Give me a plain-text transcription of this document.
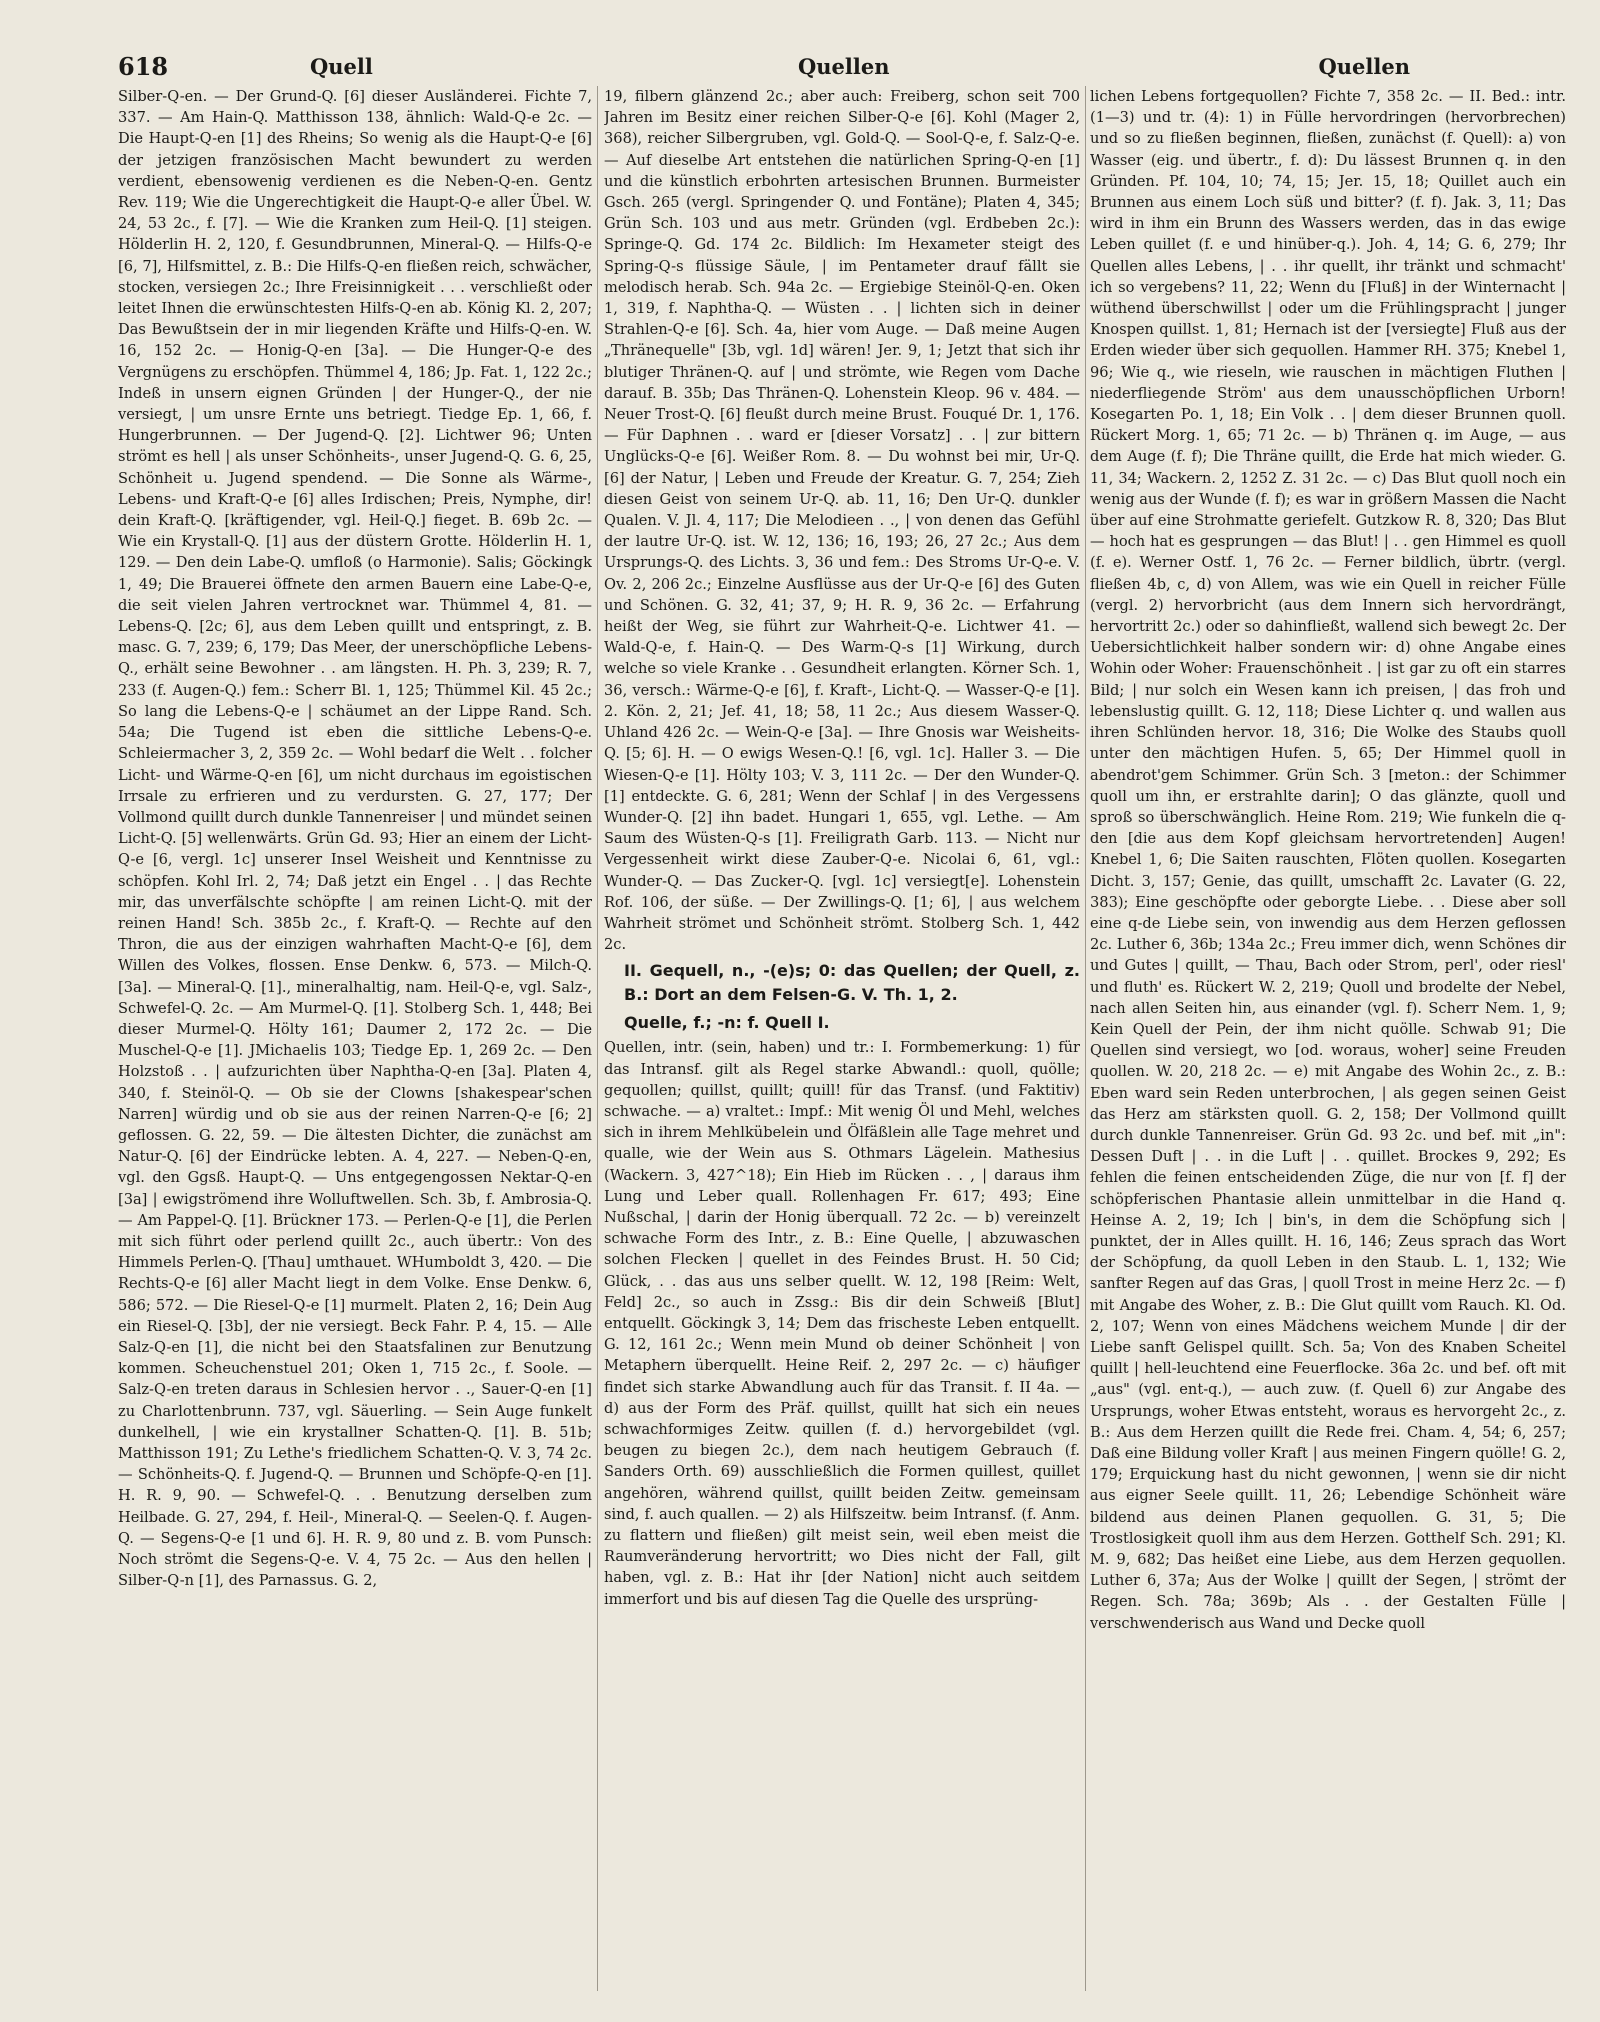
618	Quell	Quellen	Quellen

Silber-Q-en. — Der Grund-Q. [6] dieser Ausländerei. Fichte 7, 337. — Am Hain-Q. Matthisson 138, ähnlich: Wald-Q-e 2c. — Die Haupt-Q-en [1] des Rheins; So wenig als die Haupt-Q-e [6] der jetzigen französischen Macht bewundert zu werden verdient, ebensowenig verdienen es die Neben-Q-en. Gentz Rev. 119; Wie die Ungerechtigkeit die Haupt-Q-e aller Übel. W. 24, 53 2c., f. [7]. — Wie die Kranken zum Heil-Q. [1] steigen. Hölderlin H. 2, 120, f. Gesundbrunnen, Mineral-Q. — Hilfs-Q-e [6, 7], Hilfsmittel, z. B.: Die Hilfs-Q-en fließen reich, schwächer, stocken, versiegen 2c.; Ihre Freisinnigkeit . . . verschließt oder leitet Ihnen die erwünschtesten Hilfs-Q-en ab. König Kl. 2, 207; Das Bewußtsein der in mir liegenden Kräfte und Hilfs-Q-en. W. 16, 152 2c. — Honig-Q-en [3a]. — Die Hunger-Q-e des Vergnügens zu erschöpfen. Thümmel 4, 186; Jp. Fat. 1, 122 2c.; Indeß in unsern eignen Gründen | der Hunger-Q., der nie versiegt, | um unsre Ernte uns betriegt. Tiedge Ep. 1, 66, f. Hungerbrunnen. — Der Jugend-Q. [2]. Lichtwer 96; Unten strömt es hell | als unser Schönheits-, unser Jugend-Q. G. 6, 25, Schönheit u. Jugend spendend. — Die Sonne als Wärme-, Lebens- und Kraft-Q-e [6] alles Irdischen; Preis, Nymphe, dir! dein Kraft-Q. [kräftigender, vgl. Heil-Q.] fieget. B. 69b 2c. — Wie ein Krystall-Q. [1] aus der düstern Grotte. Hölderlin H. 1, 129. — Den dein Labe-Q. umfloß (o Harmonie). Salis; Göckingk 1, 49; Die Brauerei öffnete den armen Bauern eine Labe-Q-e, die seit vielen Jahren vertrocknet war. Thümmel 4, 81. — Lebens-Q. [2c; 6], aus dem Leben quillt und entspringt, z. B. masc. G. 7, 239; 6, 179; Das Meer, der unerschöpfliche Lebens-Q., erhält seine Bewohner . . am längsten. H. Ph. 3, 239; R. 7, 233 (f. Augen-Q.) fem.: Scherr Bl. 1, 125; Thümmel Kil. 45 2c.; So lang die Lebens-Q-e | schäumet an der Lippe Rand. Sch. 54a; Die Tugend ist eben die sittliche Lebens-Q-e. Schleiermacher 3, 2, 359 2c. — Wohl bedarf die Welt . . folcher Licht- und Wärme-Q-en [6], um nicht durchaus im egoistischen Irrsale zu erfrieren und zu verdursten. G. 27, 177; Der Vollmond quillt durch dunkle Tannenreiser | und mündet seinen Licht-Q. [5] wellenwärts. Grün Gd. 93; Hier an einem der Licht-Q-e [6, vergl. 1c] unserer Insel Weisheit und Kenntnisse zu schöpfen. Kohl Irl. 2, 74; Daß jetzt ein Engel . . | das Rechte mir, das unverfälschte schöpfte | am reinen Licht-Q. mit der reinen Hand! Sch. 385b 2c., f. Kraft-Q. — Rechte auf den Thron, die aus der einzigen wahrhaften Macht-Q-e [6], dem Willen des Volkes, flossen. Ense Denkw. 6, 573. — Milch-Q. [3a]. — Mineral-Q. [1]., mineralhaltig, nam. Heil-Q-e, vgl. Salz-, Schwefel-Q. 2c. — Am Murmel-Q. [1]. Stolberg Sch. 1, 448; Bei dieser Murmel-Q. Hölty 161; Daumer 2, 172 2c. — Die Muschel-Q-e [1]. JMichaelis 103; Tiedge Ep. 1, 269 2c. — Den Holzstoß . . | aufzurichten über Naphtha-Q-en [3a]. Platen 4, 340, f. Steinöl-Q. — Ob sie der Clowns [shakespear'schen Narren] würdig und ob sie aus der reinen Narren-Q-e [6; 2] geflossen. G. 22, 59. — Die ältesten Dichter, die zunächst am Natur-Q. [6] der Eindrücke lebten. A. 4, 227. — Neben-Q-en, vgl. den Ggsß. Haupt-Q. — Uns entgegengossen Nektar-Q-en [3a] | ewigströmend ihre Wolluftwellen. Sch. 3b, f. Ambrosia-Q. — Am Pappel-Q. [1]. Brückner 173. — Perlen-Q-e [1], die Perlen mit sich führt oder perlend quillt 2c., auch übertr.: Von des Himmels Perlen-Q. [Thau] umthauet. WHumboldt 3, 420. — Die Rechts-Q-e [6] aller Macht liegt in dem Volke. Ense Denkw. 6, 586; 572. — Die Riesel-Q-e [1] murmelt. Platen 2, 16; Dein Aug ein Riesel-Q. [3b], der nie versiegt. Beck Fahr. P. 4, 15. — Alle Salz-Q-en [1], die nicht bei den Staatsfalinen zur Benutzung kommen. Scheuchenstuel 201; Oken 1, 715 2c., f. Soole. — Salz-Q-en treten daraus in Schlesien hervor . ., Sauer-Q-en [1] zu Charlottenbrunn. 737, vgl. Säuerling. — Sein Auge funkelt dunkelhell, | wie ein krystallner Schatten-Q. [1]. B. 51b; Matthisson 191; Zu Lethe's friedlichem Schatten-Q. V. 3, 74 2c. — Schönheits-Q. f. Jugend-Q. — Brunnen und Schöpfe-Q-en [1]. H. R. 9, 90. — Schwefel-Q. . . Benutzung derselben zum Heilbade. G. 27, 294, f. Heil-, Mineral-Q. — Seelen-Q. f. Augen-Q. — Segens-Q-e [1 und 6]. H. R. 9, 80 und z. B. vom Punsch: Noch strömt die Segens-Q-e. V. 4, 75 2c. — Aus den hellen | Silber-Q-n [1], des Parnassus. G. 2,

19, filbern glänzend 2c.; aber auch: Freiberg, schon seit 700 Jahren im Besitz einer reichen Silber-Q-e [6]. Kohl (Mager 2, 368), reicher Silbergruben, vgl. Gold-Q. — Sool-Q-e, f. Salz-Q-e. — Auf dieselbe Art entstehen die natürlichen Spring-Q-en [1] und die künstlich erbohrten artesischen Brunnen. Burmeister Gsch. 265 (vergl. Springender Q. und Fontäne); Platen 4, 345; Grün Sch. 103 und aus metr. Gründen (vgl. Erdbeben 2c.): Springe-Q. Gd. 174 2c. Bildlich: Im Hexameter steigt des Spring-Q-s flüssige Säule, | im Pentameter drauf fällt sie melodisch herab. Sch. 94a 2c. — Ergiebige Steinöl-Q-en. Oken 1, 319, f. Naphtha-Q. — Wüsten . . | lichten sich in deiner Strahlen-Q-e [6]. Sch. 4a, hier vom Auge. — Daß meine Augen „Thränequelle" [3b, vgl. 1d] wären! Jer. 9, 1; Jetzt that sich ihr blutiger Thränen-Q. auf | und strömte, wie Regen vom Dache darauf. B. 35b; Das Thränen-Q. Lohenstein Kleop. 96 v. 484. — Neuer Trost-Q. [6] fleußt durch meine Brust. Fouqué Dr. 1, 176. — Für Daphnen . . ward er [dieser Vorsatz] . . | zur bittern Unglücks-Q-e [6]. Weißer Rom. 8. — Du wohnst bei mir, Ur-Q. [6] der Natur, | Leben und Freude der Kreatur. G. 7, 254; Zieh diesen Geist von seinem Ur-Q. ab. 11, 16; Den Ur-Q. dunkler Qualen. V. Jl. 4, 117; Die Melodieen . ., | von denen das Gefühl der lautre Ur-Q. ist. W. 12, 136; 16, 193; 26, 27 2c.; Aus dem Ursprungs-Q. des Lichts. 3, 36 und fem.: Des Stroms Ur-Q-e. V. Ov. 2, 206 2c.; Einzelne Ausflüsse aus der Ur-Q-e [6] des Guten und Schönen. G. 32, 41; 37, 9; H. R. 9, 36 2c. — Erfahrung heißt der Weg, sie führt zur Wahrheit-Q-e. Lichtwer 41. — Wald-Q-e, f. Hain-Q. — Des Warm-Q-s [1] Wirkung, durch welche so viele Kranke . . Gesundheit erlangten. Körner Sch. 1, 36, versch.: Wärme-Q-e [6], f. Kraft-, Licht-Q. — Wasser-Q-e [1]. 2. Kön. 2, 21; Jef. 41, 18; 58, 11 2c.; Aus diesem Wasser-Q. Uhland 426 2c. — Wein-Q-e [3a]. — Ihre Gnosis war Weisheits-Q. [5; 6]. H. — O ewigs Wesen-Q.! [6, vgl. 1c]. Haller 3. — Die Wiesen-Q-e [1]. Hölty 103; V. 3, 111 2c. — Der den Wunder-Q. [1] entdeckte. G. 6, 281; Wenn der Schlaf | in des Vergessens Wunder-Q. [2] ihn badet. Hungari 1, 655, vgl. Lethe. — Am Saum des Wüsten-Q-s [1]. Freiligrath Garb. 113. — Nicht nur Vergessenheit wirkt diese Zauber-Q-e. Nicolai 6, 61, vgl.: Wunder-Q. — Das Zucker-Q. [vgl. 1c] versiegt[e]. Lohenstein Rof. 106, der süße. — Der Zwillings-Q. [1; 6], | aus welchem Wahrheit strömet und Schönheit strömt. Stolberg Sch. 1, 442 2c.

II. Gequell, n., -(e)s; 0: das Quellen; der Quell, z. B.: Dort an dem Felsen-G. V. Th. 1, 2.
Quelle, f.; -n: f. Quell I.

Quellen, intr. (sein, haben) und tr.: I. Formbemerkung: 1) für das Intransf. gilt als Regel starke Abwandl.: quoll, quölle; gequollen; quillst, quillt; quill! für das Transf. (und Faktitiv) schwache. — a) vraltet.: Impf.: Mit wenig Öl und Mehl, welches sich in ihrem Mehlkübelein und Ölfäßlein alle Tage mehret und qualle, wie der Wein aus S. Othmars Lägelein. Mathesius (Wackern. 3, 427^18); Ein Hieb im Rücken . . , | daraus ihm Lung und Leber quall. Rollenhagen Fr. 617; 493; Eine Nußschal, | darin der Honig überquall. 72 2c. — b) vereinzelt schwache Form des Intr., z. B.: Eine Quelle, | abzuwaschen solchen Flecken | quellet in des Feindes Brust. H. 50 Cid; Glück, . . das aus uns selber quellt. W. 12, 198 [Reim: Welt, Feld] 2c., so auch in Zssg.: Bis dir dein Schweiß [Blut] entquellt. Göckingk 3, 14; Dem das frischeste Leben entquellt. G. 12, 161 2c.; Wenn mein Mund ob deiner Schönheit | von Metaphern überquellt. Heine Reif. 2, 297 2c. — c) häufiger findet sich starke Abwandlung auch für das Transit. f. II 4a. — d) aus der Form des Präf. quillst, quillt hat sich ein neues schwachformiges Zeitw. quillen (f. d.) hervorgebildet (vgl. beugen zu biegen 2c.), dem nach heutigem Gebrauch (f. Sanders Orth. 69) ausschließlich die Formen quillest, quillet angehören, während quillst, quillt beiden Zeitw. gemeinsam sind, f. auch quallen. — 2) als Hilfszeitw. beim Intransf. (f. Anm. zu flattern und fließen) gilt meist sein, weil eben meist die Raumveränderung hervortritt; wo Dies nicht der Fall, gilt haben, vgl. z. B.: Hat ihr [der Nation] nicht auch seitdem immerfort und bis auf diesen Tag die Quelle des ursprüng-

lichen Lebens fortgequollen? Fichte 7, 358 2c. — II. Bed.: intr. (1—3) und tr. (4): 1) in Fülle hervordringen (hervorbrechen) und so zu fließen beginnen, fließen, zunächst (f. Quell): a) von Wasser (eig. und übertr., f. d): Du lässest Brunnen q. in den Gründen. Pf. 104, 10; 74, 15; Jer. 15, 18; Quillet auch ein Brunnen aus einem Loch süß und bitter? (f. f). Jak. 3, 11; Das wird in ihm ein Brunn des Wassers werden, das in das ewige Leben quillet (f. e und hinüber-q.). Joh. 4, 14; G. 6, 279; Ihr Quellen alles Lebens, | . . ihr quellt, ihr tränkt und schmacht' ich so vergebens? 11, 22; Wenn du [Fluß] in der Winternacht | wüthend überschwillst | oder um die Frühlingspracht | junger Knospen quillst. 1, 81; Hernach ist der [versiegte] Fluß aus der Erden wieder über sich gequollen. Hammer RH. 375; Knebel 1, 96; Wie q., wie rieseln, wie rauschen in mächtigen Fluthen | niederfliegende Ström' aus dem unausschöpflichen Urborn! Kosegarten Po. 1, 18; Ein Volk . . | dem dieser Brunnen quoll. Rückert Morg. 1, 65; 71 2c. — b) Thränen q. im Auge, — aus dem Auge (f. f); Die Thräne quillt, die Erde hat mich wieder. G. 11, 34; Wackern. 2, 1252 Z. 31 2c. — c) Das Blut quoll noch ein wenig aus der Wunde (f. f); es war in größern Massen die Nacht über auf eine Strohmatte geriefelt. Gutzkow R. 8, 320; Das Blut — hoch hat es gesprungen — das Blut! | . . gen Himmel es quoll (f. e). Werner Ostf. 1, 76 2c. — Ferner bildlich, übrtr. (vergl. fließen 4b, c, d) von Allem, was wie ein Quell in reicher Fülle (vergl. 2) hervorbricht (aus dem Innern sich hervordrängt, hervortritt 2c.) oder so dahinfließt, wallend sich bewegt 2c. Der Uebersichtlichkeit halber sondern wir: d) ohne Angabe eines Wohin oder Woher: Frauenschönheit . | ist gar zu oft ein starres Bild; | nur solch ein Wesen kann ich preisen, | das froh und lebenslustig quillt. G. 12, 118; Diese Lichter q. und wallen aus ihren Schlünden hervor. 18, 316; Die Wolke des Staubs quoll unter den mächtigen Hufen. 5, 65; Der Himmel quoll in abendrot'gem Schimmer. Grün Sch. 3 [meton.: der Schimmer quoll um ihn, er erstrahlte darin]; O das glänzte, quoll und sproß so überschwänglich. Heine Rom. 219; Wie funkeln die q-den [die aus dem Kopf gleichsam hervortretenden] Augen! Knebel 1, 6; Die Saiten rauschten, Flöten quollen. Kosegarten Dicht. 3, 157; Genie, das quillt, umschafft 2c. Lavater (G. 22, 383); Eine geschöpfte oder geborgte Liebe. . . Diese aber soll eine q-de Liebe sein, von inwendig aus dem Herzen geflossen 2c. Luther 6, 36b; 134a 2c.; Freu immer dich, wenn Schönes dir und Gutes | quillt, — Thau, Bach oder Strom, perl', oder riesl' und fluth' es. Rückert W. 2, 219; Quoll und brodelte der Nebel, nach allen Seiten hin, aus einander (vgl. f). Scherr Nem. 1, 9; Kein Quell der Pein, der ihm nicht quölle. Schwab 91; Die Quellen sind versiegt, wo [od. woraus, woher] seine Freuden quollen. W. 20, 218 2c. — e) mit Angabe des Wohin 2c., z. B.: Eben ward sein Reden unterbrochen, | als gegen seinen Geist das Herz am stärksten quoll. G. 2, 158; Der Vollmond quillt durch dunkle Tannenreiser. Grün Gd. 93 2c. und bef. mit „in": Dessen Duft | . . in die Luft | . . quillet. Brockes 9, 292; Es fehlen die feinen entscheidenden Züge, die nur von [f. f] der schöpferischen Phantasie allein unmittelbar in die Hand q. Heinse A. 2, 19; Ich | bin's, in dem die Schöpfung sich | punktet, der in Alles quillt. H. 16, 146; Zeus sprach das Wort der Schöpfung, da quoll Leben in den Staub. L. 1, 132; Wie sanfter Regen auf das Gras, | quoll Trost in meine Herz 2c. — f) mit Angabe des Woher, z. B.: Die Glut quillt vom Rauch. Kl. Od. 2, 107; Wenn von eines Mädchens weichem Munde | dir der Liebe sanft Gelispel quillt. Sch. 5a; Von des Knaben Scheitel quillt | hell-leuchtend eine Feuerflocke. 36a 2c. und bef. oft mit „aus" (vgl. ent-q.), — auch zuw. (f. Quell 6) zur Angabe des Ursprungs, woher Etwas entsteht, woraus es hervorgeht 2c., z. B.: Aus dem Herzen quillt die Rede frei. Cham. 4, 54; 6, 257; Daß eine Bildung voller Kraft | aus meinen Fingern quölle! G. 2, 179; Erquickung hast du nicht gewonnen, | wenn sie dir nicht aus eigner Seele quillt. 11, 26; Lebendige Schönheit wäre bildend aus deinen Planen gequollen. G. 31, 5; Die Trostlosigkeit quoll ihm aus dem Herzen. Gotthelf Sch. 291; Kl. M. 9, 682; Das heißet eine Liebe, aus dem Herzen gequollen. Luther 6, 37a; Aus der Wolke | quillt der Segen, | strömt der Regen. Sch. 78a; 369b; Als . . der Gestalten Fülle | verschwenderisch aus Wand und Decke quoll
